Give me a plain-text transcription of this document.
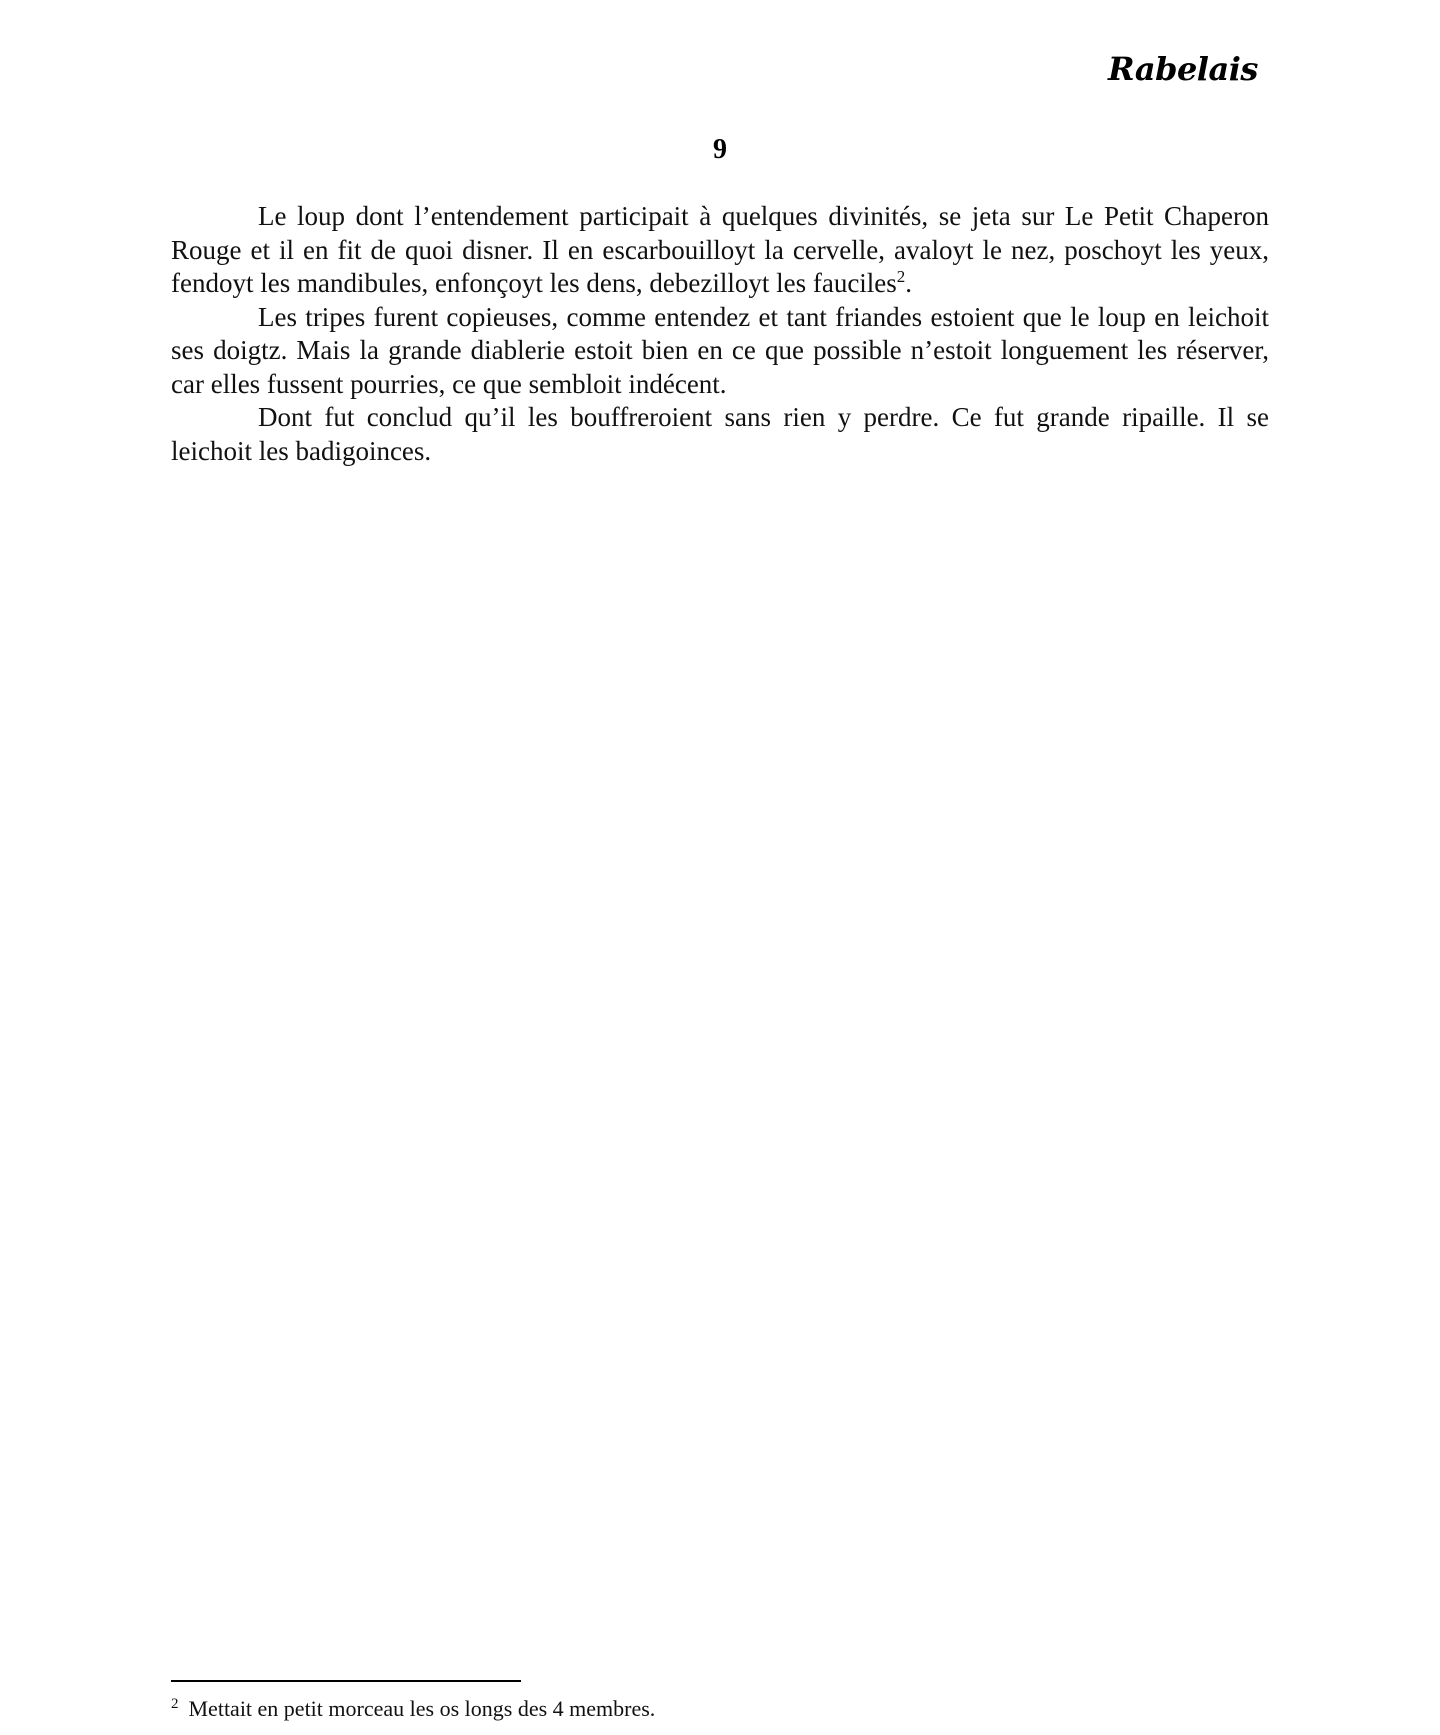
Rabelais
9

Le loup dont l’entendement participait à quelques divinités, se jeta sur Le Petit Chaperon Rouge et il en fit de quoi disner. Il en escarbouilloyt la cervelle, avaloyt le nez, poschoyt les yeux, fendoyt les mandibules, enfonçoyt les dens, debezilloyt les fauciles$^2$.

Les tripes furent copieuses, comme entendez et tant friandes estoient que le loup en leichoit ses doigtz. Mais la grande diablerie estoit bien en ce que possible n’estoit longuement les réserver, car elles fussent pourries, ce que sembloit indécent.

Dont fut conclud qu’il les bouffreroient sans rien y perdre. Ce fut grande ripaille. Il se leichoit les badigoinces.

$^2$ Mettait en petit morceau les os longs des 4 membres.
